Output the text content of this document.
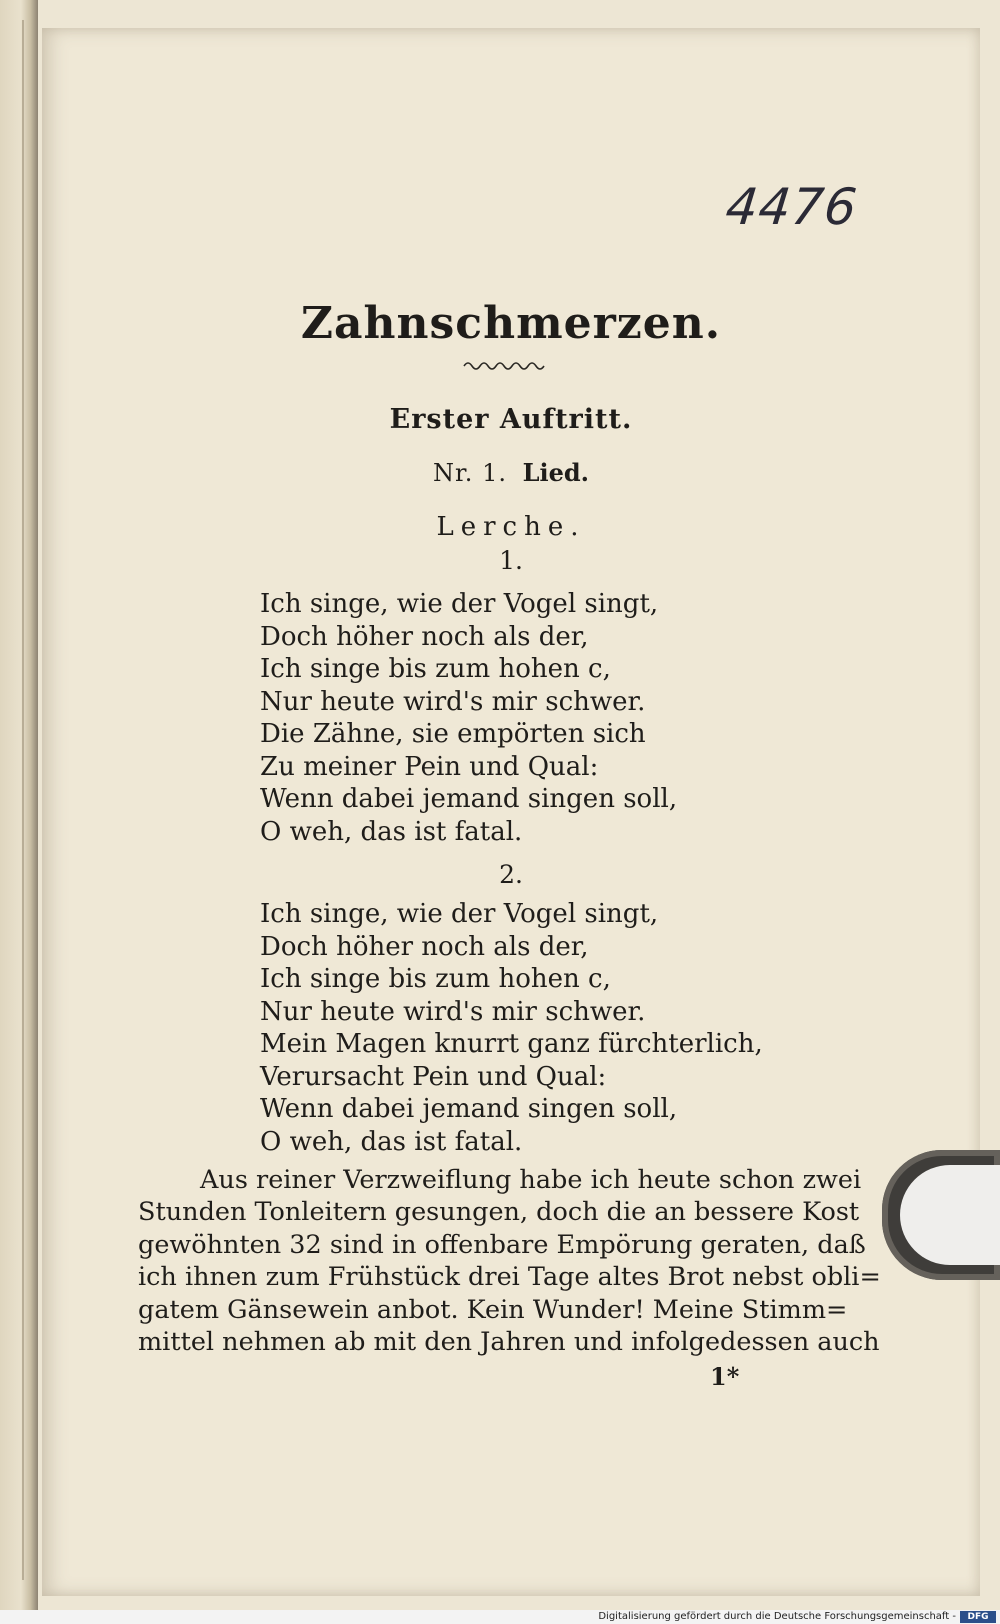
4476
Zahnschmerzen.
Erster Auftritt.
Nr. 1. Lied.
Lerche.
1.
Ich singe, wie der Vogel singt,
Doch höher noch als der,
Ich singe bis zum hohen c,
Nur heute wird's mir schwer.
Die Zähne, sie empörten sich
Zu meiner Pein und Qual:
Wenn dabei jemand singen soll,
O weh, das ist fatal.
2.
Ich singe, wie der Vogel singt,
Doch höher noch als der,
Ich singe bis zum hohen c,
Nur heute wird's mir schwer.
Mein Magen knurrt ganz fürchterlich,
Verursacht Pein und Qual:
Wenn dabei jemand singen soll,
O weh, das ist fatal.
Aus reiner Verzweiflung habe ich heute schon zwei
Stunden Tonleitern gesungen, doch die an bessere Kost
gewöhnten 32 sind in offenbare Empörung geraten, daß
ich ihnen zum Frühstück drei Tage altes Brot nebst obli=
gatem Gänsewein anbot. Kein Wunder! Meine Stimm=
mittel nehmen ab mit den Jahren und infolgedessen auch
1*
Digitalisierung gefördert durch die Deutsche Forschungsgemeinschaft -	DFG
